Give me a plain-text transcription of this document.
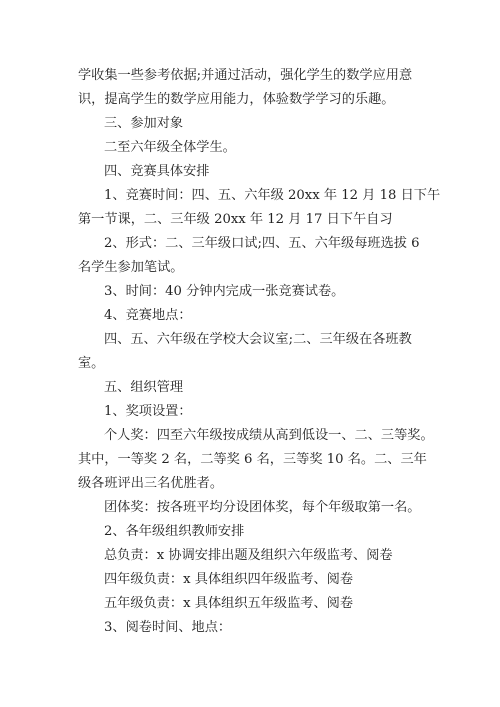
学收集一些参考依据;并通过活动，强化学生的数学应用意
识，提高学生的数学应用能力，体验数学学习的乐趣。
三、参加对象
二至六年级全体学生。
四、竞赛具体安排
1、竞赛时间：四、五、六年级 20xx 年 12 月 18 日下午
第一节课，二、三年级 20xx 年 12 月 17 日下午自习
2、形式：二、三年级口试;四、五、六年级每班选拔 6
名学生参加笔试。
3、时间：40 分钟内完成一张竞赛试卷。
4、竞赛地点：
四、五、六年级在学校大会议室;二、三年级在各班教
室。
五、组织管理
1、奖项设置：
个人奖：四至六年级按成绩从高到低设一、二、三等奖。
其中，一等奖 2 名，二等奖 6 名，三等奖 10 名。二、三年
级各班评出三名优胜者。
团体奖：按各班平均分设团体奖，每个年级取第一名。
2、各年级组织教师安排
总负责：x 协调安排出题及组织六年级监考、阅卷
四年级负责：x 具体组织四年级监考、阅卷
五年级负责：x 具体组织五年级监考、阅卷
3、阅卷时间、地点：
